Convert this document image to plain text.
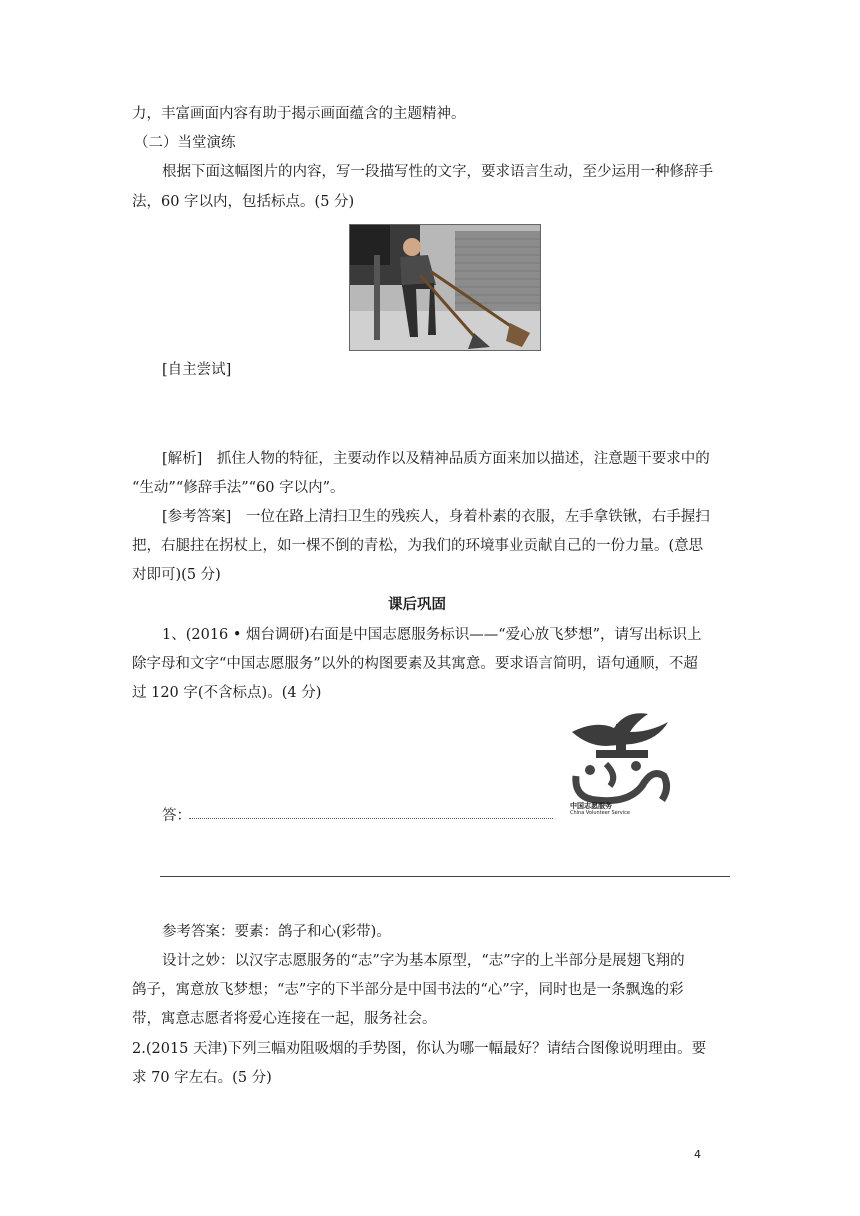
力，丰富画面内容有助于揭示画面蕴含的主题精神。
（二）当堂演练
根据下面这幅图片的内容，写一段描写性的文字，要求语言生动，至少运用一种修辞手
法，60 字以内，包括标点。(5 分)
[自主尝试]
[解析]　抓住人物的特征，主要动作以及精神品质方面来加以描述，注意题干要求中的
“生动”“修辞手法”“60 字以内”。
[参考答案]　一位在路上清扫卫生的残疾人，身着朴素的衣服，左手拿铁锹，右手握扫
把，右腿拄在拐杖上，如一棵不倒的青松，为我们的环境事业贡献自己的一份力量。(意思
对即可)(5 分)
课后巩固
1、(2016 • 烟台调研)右面是中国志愿服务标识——“爱心放飞梦想”，请写出标识上
除字母和文字“中国志愿服务”以外的构图要素及其寓意。要求语言简明，语句通顺，不超
过 120 字(不含标点)。(4 分)
中国志愿服务
China Volunteer Service
答：
参考答案：要素：鸽子和心(彩带)。
设计之妙：以汉字志愿服务的“志”字为基本原型，“志”字的上半部分是展翅飞翔的
鸽子，寓意放飞梦想；“志”字的下半部分是中国书法的“心”字，同时也是一条飘逸的彩
带，寓意志愿者将爱心连接在一起，服务社会。
2.(2015 天津)下列三幅劝阻吸烟的手势图，你认为哪一幅最好？请结合图像说明理由。要
求 70 字左右。(5 分)
4
